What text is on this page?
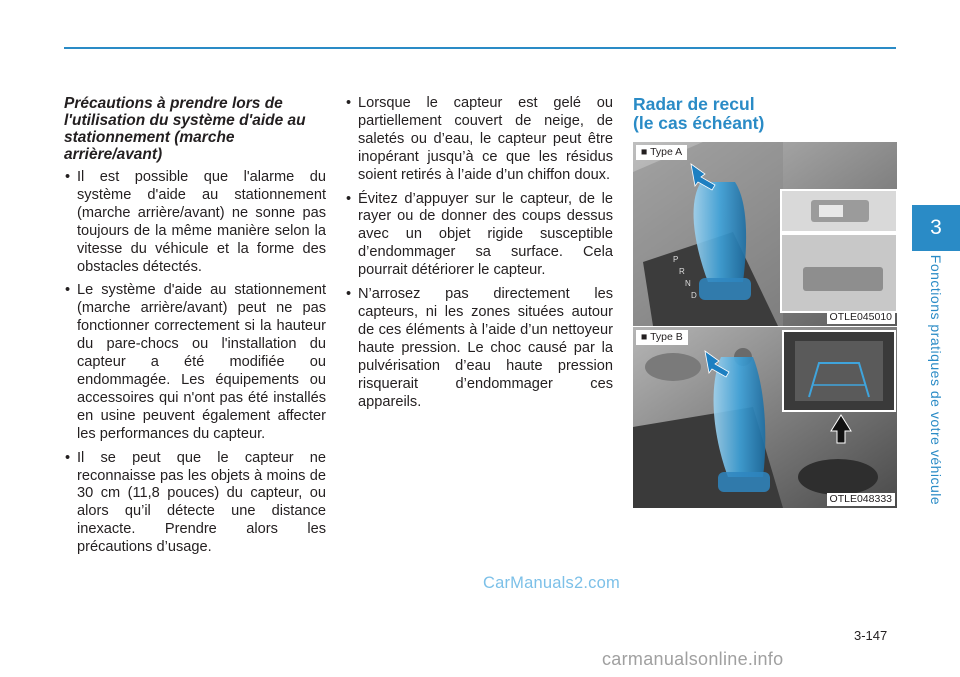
Précautions à prendre lors de l'utilisation du système d'aide au stationnement (marche arrière/avant)

• Il est possible que l'alarme du système d'aide au stationnement (marche arrière/avant) ne sonne pas toujours de la même manière selon la vitesse du véhicule et la forme des obstacles détectés.
• Le système d'aide au stationnement (marche arrière/avant) peut ne pas fonctionner correctement si la hauteur du pare-chocs ou l'installation du capteur a été modifiée ou endommagée. Les équipements ou accessoires qui n'ont pas été installés en usine peuvent également affecter les performances du capteur.
• Il se peut que le capteur ne reconnaisse pas les objets à moins de 30 cm (11,8 pouces) du capteur, ou alors qu’il détecte une distance inexacte. Prendre alors les précautions d’usage.
• Lorsque le capteur est gelé ou partiellement couvert de neige, de saletés ou d’eau, le capteur peut être inopérant jusqu’à ce que les résidus soient retirés à l’aide d’un chiffon doux.
• Évitez d’appuyer sur le capteur, de le rayer ou de donner des coups dessus avec un objet rigide susceptible d’endommager sa surface. Cela pourrait détériorer le capteur.
• N’arrosez pas directement les capteurs, ni les zones situées autour de ces éléments à l’aide d’un nettoyeur haute pression. Le choc causé par la pulvérisation d’eau haute pression risquerait d’endommager ces appareils.

Radar de recul
(le cas échéant)

P
R
N
D
■ Type A
OTLE045010
■ Type B
OTLE048333
3
Fonctions pratiques de votre véhicule
3-147
CarManuals2.com
carmanualsonline.info
